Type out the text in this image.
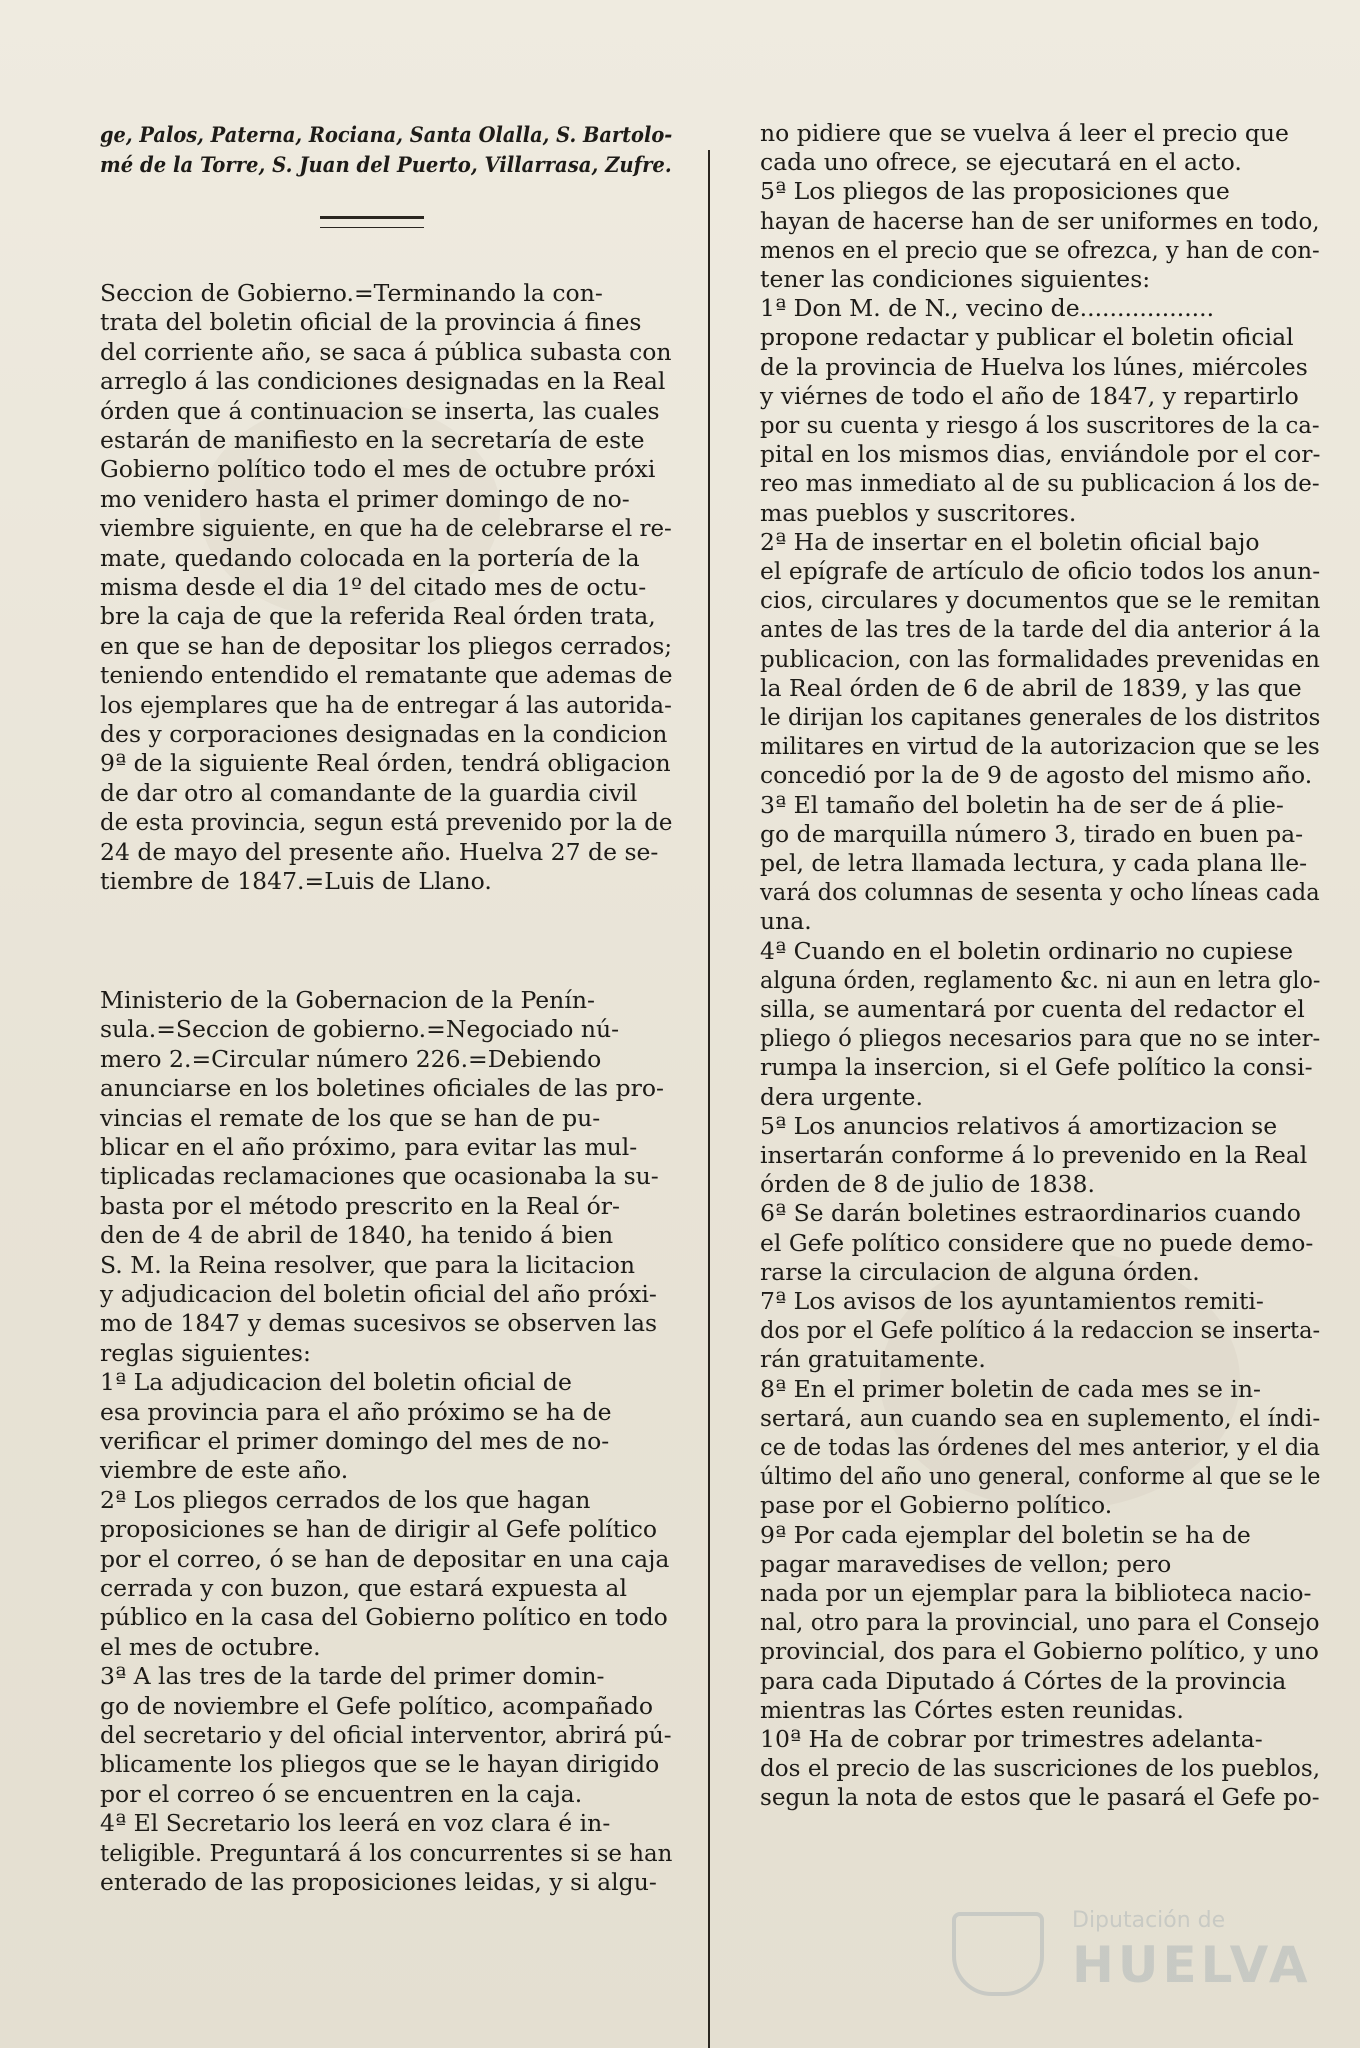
ge, Palos, Paterna, Rociana, Santa Olalla, S. Bartolo-
mé de la Torre, S. Juan del Puerto, Villarrasa, Zufre.
Seccion de Gobierno.=Terminando la con-
trata del boletin oficial de la provincia á fines
del corriente año, se saca á pública subasta con
arreglo á las condiciones designadas en la Real
órden que á continuacion se inserta, las cuales
estarán de manifiesto en la secretaría de este
Gobierno político todo el mes de octubre próxi
mo venidero hasta el primer domingo de no-
viembre siguiente, en que ha de celebrarse el re-
mate, quedando colocada en la portería de la
misma desde el dia 1º del citado mes de octu-
bre la caja de que la referida Real órden trata,
en que se han de depositar los pliegos cerrados;
teniendo entendido el rematante que ademas de
los ejemplares que ha de entregar á las autorida-
des y corporaciones designadas en la condicion
9ª de la siguiente Real órden, tendrá obligacion
de dar otro al comandante de la guardia civil
de esta provincia, segun está prevenido por la de
24 de mayo del presente año. Huelva 27 de se-
tiembre de 1847.=Luis de Llano.
Ministerio de la Gobernacion de la Penín-
sula.=Seccion de gobierno.=Negociado nú-
mero 2.=Circular número 226.=Debiendo
anunciarse en los boletines oficiales de las pro-
vincias el remate de los que se han de pu-
blicar en el año próximo, para evitar las mul-
tiplicadas reclamaciones que ocasionaba la su-
basta por el método prescrito en la Real ór-
den de 4 de abril de 1840, ha tenido á bien
S. M. la Reina resolver, que para la licitacion
y adjudicacion del boletin oficial del año próxi-
mo de 1847 y demas sucesivos se observen las
reglas siguientes:
1ª La adjudicacion del boletin oficial de
esa provincia para el año próximo se ha de
verificar el primer domingo del mes de no-
viembre de este año.
2ª Los pliegos cerrados de los que hagan
proposiciones se han de dirigir al Gefe político
por el correo, ó se han de depositar en una caja
cerrada y con buzon, que estará expuesta al
público en la casa del Gobierno político en todo
el mes de octubre.
3ª A las tres de la tarde del primer domin-
go de noviembre el Gefe político, acompañado
del secretario y del oficial interventor, abrirá pú-
blicamente los pliegos que se le hayan dirigido
por el correo ó se encuentren en la caja.
4ª El Secretario los leerá en voz clara é in-
teligible. Preguntará á los concurrentes si se han
enterado de las proposiciones leidas, y si algu-
no pidiere que se vuelva á leer el precio que
cada uno ofrece, se ejecutará en el acto.
5ª Los pliegos de las proposiciones que
hayan de hacerse han de ser uniformes en todo,
menos en el precio que se ofrezca, y han de con-
tener las condiciones siguientes:
1ª Don M. de N., vecino de..................
propone redactar y publicar el boletin oficial
de la provincia de Huelva los lúnes, miércoles
y viérnes de todo el año de 1847, y repartirlo
por su cuenta y riesgo á los suscritores de la ca-
pital en los mismos dias, enviándole por el cor-
reo mas inmediato al de su publicacion á los de-
mas pueblos y suscritores.
2ª Ha de insertar en el boletin oficial bajo
el epígrafe de artículo de oficio todos los anun-
cios, circulares y documentos que se le remitan
antes de las tres de la tarde del dia anterior á la
publicacion, con las formalidades prevenidas en
la Real órden de 6 de abril de 1839, y las que
le dirijan los capitanes generales de los distritos
militares en virtud de la autorizacion que se les
concedió por la de 9 de agosto del mismo año.
3ª El tamaño del boletin ha de ser de á plie-
go de marquilla número 3, tirado en buen pa-
pel, de letra llamada lectura, y cada plana lle-
vará dos columnas de sesenta y ocho líneas cada
una.
4ª Cuando en el boletin ordinario no cupiese
alguna órden, reglamento &c. ni aun en letra glo-
silla, se aumentará por cuenta del redactor el
pliego ó pliegos necesarios para que no se inter-
rumpa la insercion, si el Gefe político la consi-
dera urgente.
5ª Los anuncios relativos á amortizacion se
insertarán conforme á lo prevenido en la Real
órden de 8 de julio de 1838.
6ª Se darán boletines estraordinarios cuando
el Gefe político considere que no puede demo-
rarse la circulacion de alguna órden.
7ª Los avisos de los ayuntamientos remiti-
dos por el Gefe político á la redaccion se inserta-
rán gratuitamente.
8ª En el primer boletin de cada mes se in-
sertará, aun cuando sea en suplemento, el índi-
ce de todas las órdenes del mes anterior, y el dia
último del año uno general, conforme al que se le
pase por el Gobierno político.
9ª Por cada ejemplar del boletin se ha de
pagar maravedises de vellon; pero
nada por un ejemplar para la biblioteca nacio-
nal, otro para la provincial, uno para el Consejo
provincial, dos para el Gobierno político, y uno
para cada Diputado á Córtes de la provincia
mientras las Córtes esten reunidas.
10ª Ha de cobrar por trimestres adelanta-
dos el precio de las suscriciones de los pueblos,
segun la nota de estos que le pasará el Gefe po-
Diputación de
HUELVA
